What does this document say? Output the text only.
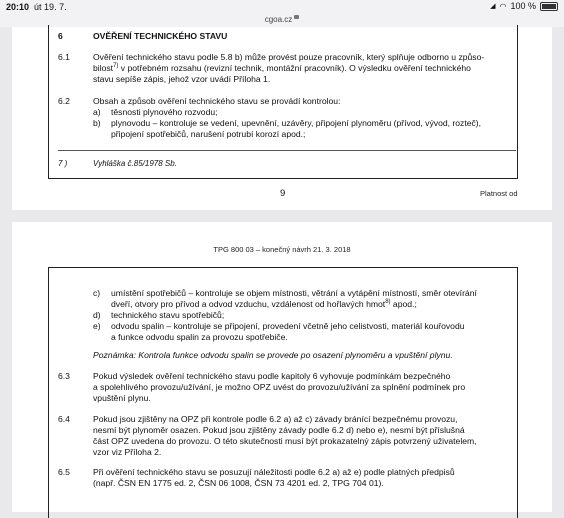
20:10 út 19. 7.	◢ ◠ 100 %
cgoa.cz
6	OVĚŘENÍ TECHNICKÉHO STAVU
6.1	Ověření technického stavu podle 5.8 b) může provést pouze pracovník, který splňuje odborno u způso-
bilost$^{7)}$ v potřebném rozsahu (revizní technik, montážní pracovník). O výsledku ověření technického
stavu sepíše zápis, jehož vzor uvádí Příloha 1.
6.2	Obsah a způsob ověření technického stavu se provádí kontrolou:
a) těsnosti plynového rozvodu;
b) plynovodu – kontroluje se vedení, upevnění, uzávěry, připojení plynoměru (přívod, vývod, rozteč),
připojení spotřebičů, narušení potrubí korozí apod.;
7 )	Vyhláška č.85/1978 Sb.
9	Platnost od
TPG 800 03 – konečný návrh 21. 3. 2018
c) umístění spotřebičů – kontroluje se objem místnosti, větrání a vytápění místností, směr otevírání
dveří, otvory pro přívod a odvod vzduchu, vzdálenost od hořlavých hmot$^{8)}$ apod.;
d) technického stavu spotřebičů;
e) odvodu spalin – kontroluje se připojení, provedení včetně jeho celistvosti, materiál kouřovodu
a funkce odvodu spalin za provozu spotřebiče.
Poznámka: Kontrola funkce odvodu spalin se provede po osazení plynoměru a vpuštění plynu.
6.3	Pokud výsledek ověření technického stavu podle kapitoly 6 vyhovuje podmínkám bezpečného
a spolehlivého provozu/užívání, je možno OPZ uvést do provozu/užívání za splnění podmínek pro
vpuštění plynu.
6.4	Pokud jsou zjištěny na OPZ při kontrole podle 6.2 a) až c) závady bránící bezpečnému provozu,
nesmí být plynoměr osazen. Pokud jsou zjištěny závady podle 6.2 d) nebo e), nesmí být příslušná
část OPZ uvedena do provozu. O této skutečnosti musí být prokazatelný zápis potvrzený uživatelem,
vzor viz Příloha 2.
6.5	Při ověření technického stavu se posuzují náležitosti podle 6.2 a) až e) podle platných předpisů
(např. ČSN EN 1775 ed. 2, ČSN 06 1008, ČSN 73 4201 ed. 2, TPG 704 01).
